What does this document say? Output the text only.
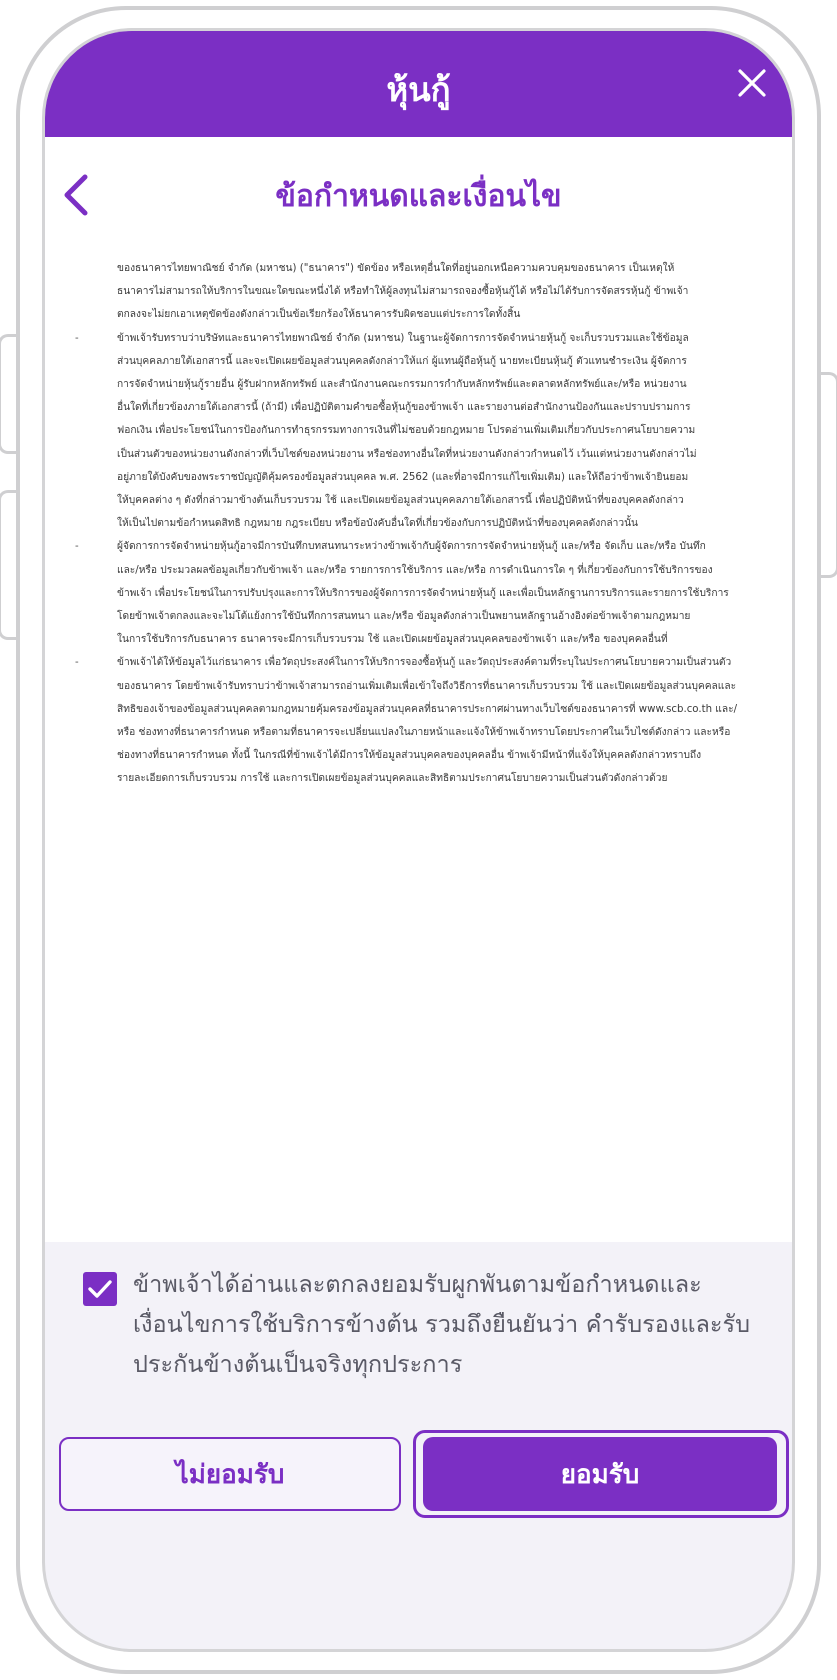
หุ้นกู้
ข้อกำหนดและเงื่อนไข
ของธนาคารไทยพาณิชย์ จำกัด (มหาชน) ("ธนาคาร") ขัดข้อง หรือเหตุอื่นใดที่อยู่นอกเหนือความควบคุมของธนาคาร เป็นเหตุให้
ธนาคารไม่สามารถให้บริการในขณะใดขณะหนึ่งได้ หรือทำให้ผู้ลงทุนไม่สามารถจองซื้อหุ้นกู้ได้ หรือไม่ได้รับการจัดสรรหุ้นกู้ ข้าพเจ้า
ตกลงจะไม่ยกเอาเหตุขัดข้องดังกล่าวเป็นข้อเรียกร้องให้ธนาคารรับผิดชอบแต่ประการใดทั้งสิ้น
- ข้าพเจ้ารับทราบว่าบริษัทและธนาคารไทยพาณิชย์ จำกัด (มหาชน) ในฐานะผู้จัดการการจัดจำหน่ายหุ้นกู้ จะเก็บรวบรวมและใช้ข้อมูล
ส่วนบุคคลภายใต้เอกสารนี้ และจะเปิดเผยข้อมูลส่วนบุคคลดังกล่าวให้แก่ ผู้แทนผู้ถือหุ้นกู้ นายทะเบียนหุ้นกู้ ตัวแทนชำระเงิน ผู้จัดการ
การจัดจำหน่ายหุ้นกู้รายอื่น ผู้รับฝากหลักทรัพย์ และสำนักงานคณะกรรมการกำกับหลักทรัพย์และตลาดหลักทรัพย์และ/หรือ หน่วยงาน
อื่นใดที่เกี่ยวข้องภายใต้เอกสารนี้ (ถ้ามี) เพื่อปฏิบัติตามคำขอซื้อหุ้นกู้ของข้าพเจ้า และรายงานต่อสำนักงานป้องกันและปราบปรามการ
ฟอกเงิน เพื่อประโยชน์ในการป้องกันการทำธุรกรรมทางการเงินที่ไม่ชอบด้วยกฎหมาย โปรดอ่านเพิ่มเติมเกี่ยวกับประกาศนโยบายความ
เป็นส่วนตัวของหน่วยงานดังกล่าวที่เว็บไซต์ของหน่วยงาน หรือช่องทางอื่นใดที่หน่วยงานดังกล่าวกำหนดไว้ เว้นแต่หน่วยงานดังกล่าวไม่
อยู่ภายใต้บังคับของพระราชบัญญัติคุ้มครองข้อมูลส่วนบุคคล พ.ศ. 2562 (และที่อาจมีการแก้ไขเพิ่มเติม) และให้ถือว่าข้าพเจ้ายินยอม
ให้บุคคลต่าง ๆ ดังที่กล่าวมาข้างต้นเก็บรวบรวม ใช้ และเปิดเผยข้อมูลส่วนบุคคลภายใต้เอกสารนี้ เพื่อปฏิบัติหน้าที่ของบุคคลดังกล่าว
ให้เป็นไปตามข้อกำหนดสิทธิ กฎหมาย กฎระเบียบ หรือข้อบังคับอื่นใดที่เกี่ยวข้องกับการปฏิบัติหน้าที่ของบุคคลดังกล่าวนั้น
- ผู้จัดการการจัดจำหน่ายหุ้นกู้อาจมีการบันทึกบทสนทนาระหว่างข้าพเจ้ากับผู้จัดการการจัดจำหน่ายหุ้นกู้ และ/หรือ จัดเก็บ และ/หรือ บันทึก
และ/หรือ ประมวลผลข้อมูลเกี่ยวกับข้าพเจ้า และ/หรือ รายการการใช้บริการ และ/หรือ การดำเนินการใด ๆ ที่เกี่ยวข้องกับการใช้บริการของ
ข้าพเจ้า เพื่อประโยชน์ในการปรับปรุงและการให้บริการของผู้จัดการการจัดจำหน่ายหุ้นกู้ และเพื่อเป็นหลักฐานการบริการและรายการใช้บริการ
โดยข้าพเจ้าตกลงและจะไม่โต้แย้งการใช้บันทึกการสนทนา และ/หรือ ข้อมูลดังกล่าวเป็นพยานหลักฐานอ้างอิงต่อข้าพเจ้าตามกฎหมาย
ในการใช้บริการกับธนาคาร ธนาคารจะมีการเก็บรวบรวม ใช้ และเปิดเผยข้อมูลส่วนบุคคลของข้าพเจ้า และ/หรือ ของบุคคลอื่นที่
- ข้าพเจ้าได้ให้ข้อมูลไว้แก่ธนาคาร เพื่อวัตถุประสงค์ในการให้บริการจองซื้อหุ้นกู้ และวัตถุประสงค์ตามที่ระบุในประกาศนโยบายความเป็นส่วนตัว
ของธนาคาร โดยข้าพเจ้ารับทราบว่าข้าพเจ้าสามารถอ่านเพิ่มเติมเพื่อเข้าใจถึงวิธีการที่ธนาคารเก็บรวบรวม ใช้ และเปิดเผยข้อมูลส่วนบุคคลและ
สิทธิของเจ้าของข้อมูลส่วนบุคคลตามกฎหมายคุ้มครองข้อมูลส่วนบุคคลที่ธนาคารประกาศผ่านทางเว็บไซต์ของธนาคารที่ www.scb.co.th และ/
หรือ ช่องทางที่ธนาคารกำหนด หรือตามที่ธนาคารจะเปลี่ยนแปลงในภายหน้าและแจ้งให้ข้าพเจ้าทราบโดยประกาศในเว็บไซต์ดังกล่าว และหรือ
ช่องทางที่ธนาคารกำหนด ทั้งนี้ ในกรณีที่ข้าพเจ้าได้มีการให้ข้อมูลส่วนบุคคลของบุคคลอื่น ข้าพเจ้ามีหน้าที่แจ้งให้บุคคลดังกล่าวทราบถึง
รายละเอียดการเก็บรวบรวม การใช้ และการเปิดเผยข้อมูลส่วนบุคคลและสิทธิตามประกาศนโยบายความเป็นส่วนตัวดังกล่าวด้วย
ข้าพเจ้าได้อ่านและตกลงยอมรับผูกพันตามข้อกำหนดและ
เงื่อนไขการใช้บริการข้างต้น รวมถึงยืนยันว่า คำรับรองและรับ
ประกันข้างต้นเป็นจริงทุกประการ
ไม่ยอมรับ	ยอมรับ
